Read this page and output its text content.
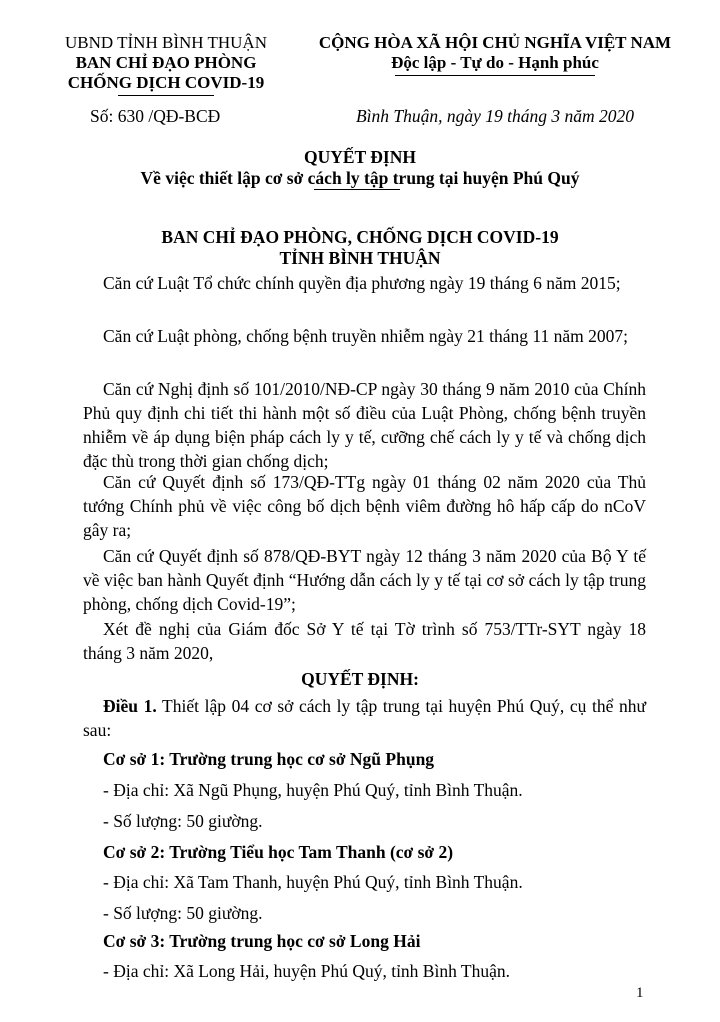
UBND TỈNH BÌNH THUẬN
BAN CHỈ ĐẠO PHÒNG
CHỐNG DỊCH COVID-19
CỘNG HÒA XÃ HỘI CHỦ NGHĨA VIỆT NAM
Độc lập - Tự do - Hạnh phúc
Số: 630 /QĐ-BCĐ	Bình Thuận, ngày 19 tháng 3 năm 2020
QUYẾT ĐỊNH
Về việc thiết lập cơ sở cách ly tập trung tại huyện Phú Quý
BAN CHỈ ĐẠO PHÒNG, CHỐNG DỊCH COVID-19
TỈNH BÌNH THUẬN
Căn cứ Luật Tổ chức chính quyền địa phương ngày 19 tháng 6 năm 2015;
Căn cứ Luật phòng, chống bệnh truyền nhiễm ngày 21 tháng 11 năm 2007;
Căn cứ Nghị định số 101/2010/NĐ-CP ngày 30 tháng 9 năm 2010 của Chính Phủ quy định chi tiết thi hành một số điều của Luật Phòng, chống bệnh truyền nhiễm về áp dụng biện pháp cách ly y tế, cưỡng chế cách ly y tế và chống dịch đặc thù trong thời gian chống dịch;
Căn cứ Quyết định số 173/QĐ-TTg ngày 01 tháng 02 năm 2020 của Thủ tướng Chính phủ về việc công bố dịch bệnh viêm đường hô hấp cấp do nCoV gây ra;
Căn cứ Quyết định số 878/QĐ-BYT ngày 12 tháng 3 năm 2020 của Bộ Y tế về việc ban hành Quyết định “Hướng dẫn cách ly y tế tại cơ sở cách ly tập trung phòng, chống dịch Covid-19”;
Xét đề nghị của Giám đốc Sở Y tế tại Tờ trình số 753/TTr-SYT ngày 18 tháng 3 năm 2020,
QUYẾT ĐỊNH:
Điều 1. Thiết lập 04 cơ sở cách ly tập trung tại huyện Phú Quý, cụ thể như sau:
Cơ sở 1: Trường trung học cơ sở Ngũ Phụng
- Địa chỉ: Xã Ngũ Phụng, huyện Phú Quý, tỉnh Bình Thuận.
- Số lượng: 50 giường.
Cơ sở 2: Trường Tiểu học Tam Thanh (cơ sở 2)
- Địa chỉ: Xã Tam Thanh, huyện Phú Quý, tỉnh Bình Thuận.
- Số lượng: 50 giường.
Cơ sở 3: Trường trung học cơ sở Long Hải
- Địa chỉ: Xã Long Hải, huyện Phú Quý, tỉnh Bình Thuận.
1
